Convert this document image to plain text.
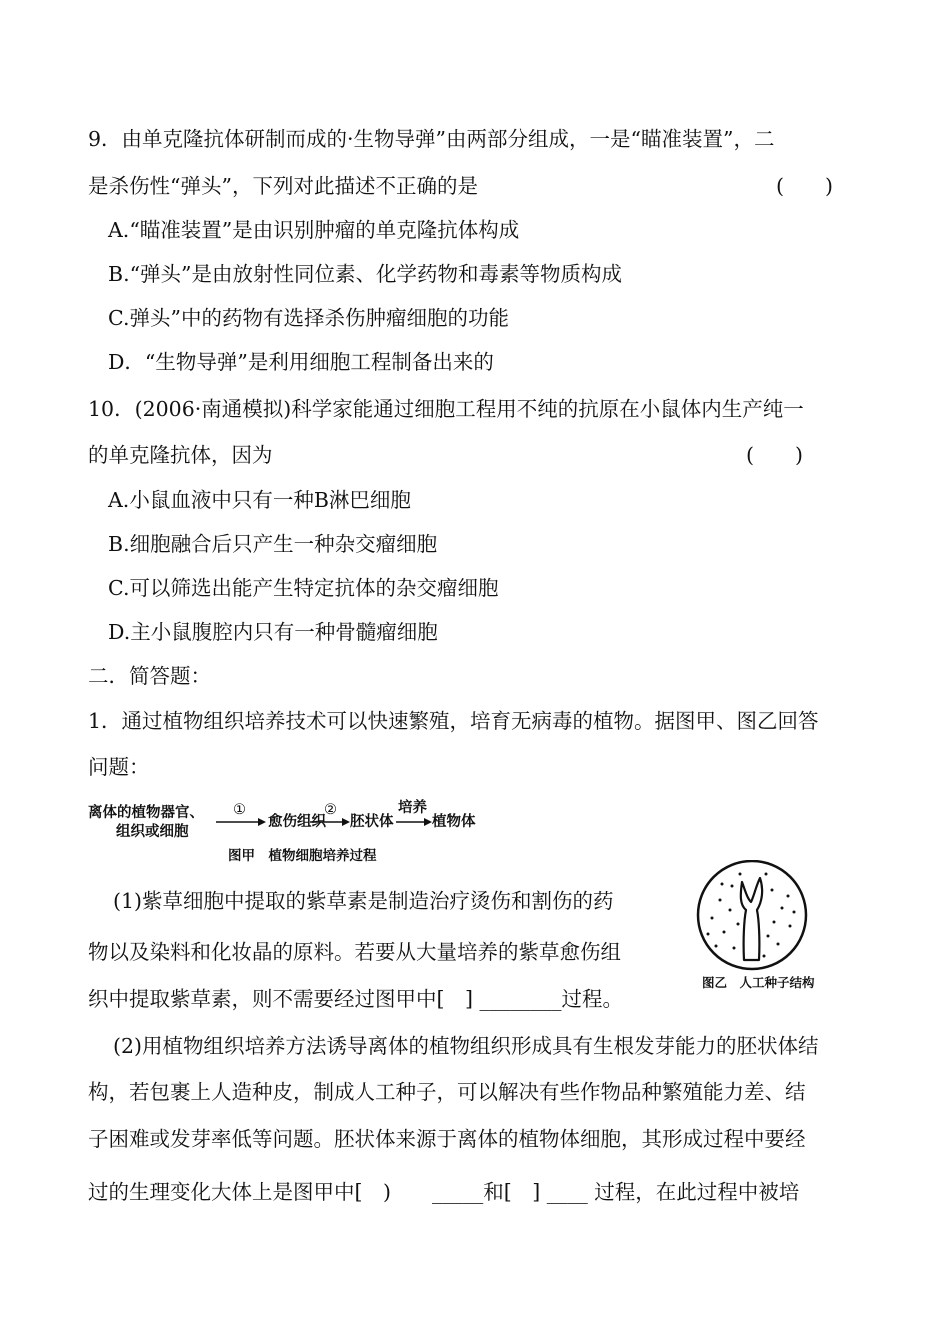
9．由单克隆抗体研制而成的·生物导弹”由两部分组成，一是“瞄准装置”，二
是杀伤性“弹头”，下列对此描述不正确的是	(　　)
A.“瞄准装置”是由识别肿瘤的单克隆抗体构成
B.“弹头”是由放射性同位素、化学药物和毒素等物质构成
C.弹头”中的药物有选择杀伤肿瘤细胞的功能
D．“生物导弹”是利用细胞工程制备出来的
10．(2006·南通模拟)科学家能通过细胞工程用不纯的抗原在小鼠体内生产纯一
的单克隆抗体，因为	(　　)
A.小鼠血液中只有一种B淋巴细胞
B.细胞融合后只产生一种杂交瘤细胞
C.可以筛选出能产生特定抗体的杂交瘤细胞
D.主小鼠腹腔内只有一种骨髓瘤细胞
二．简答题：
1．通过植物组织培养技术可以快速繁殖，培育无病毒的植物。据图甲、图乙回答
问题：
离体的植物器官、
组织或细胞
①
愈伤组织
②
胚状体
培养
植物体
图甲　植物细胞培养过程
图乙　人工种子结构
(1)紫草细胞中提取的紫草素是制造治疗烫伤和割伤的药
物以及染料和化妆晶的原料。若要从大量培养的紫草愈伤组
织中提取紫草素，则不需要经过图甲中[　] ________过程。
(2)用植物组织培养方法诱导离体的植物组织形成具有生根发芽能力的胚状体结
构，若包裹上人造种皮，制成人工种子，可以解决有些作物品种繁殖能力差、结
子困难或发芽率低等问题。胚状体来源于离体的植物体细胞，其形成过程中要经
过的生理变化大体上是图甲中[　)　　_____和[　] ____ 过程，在此过程中被培
